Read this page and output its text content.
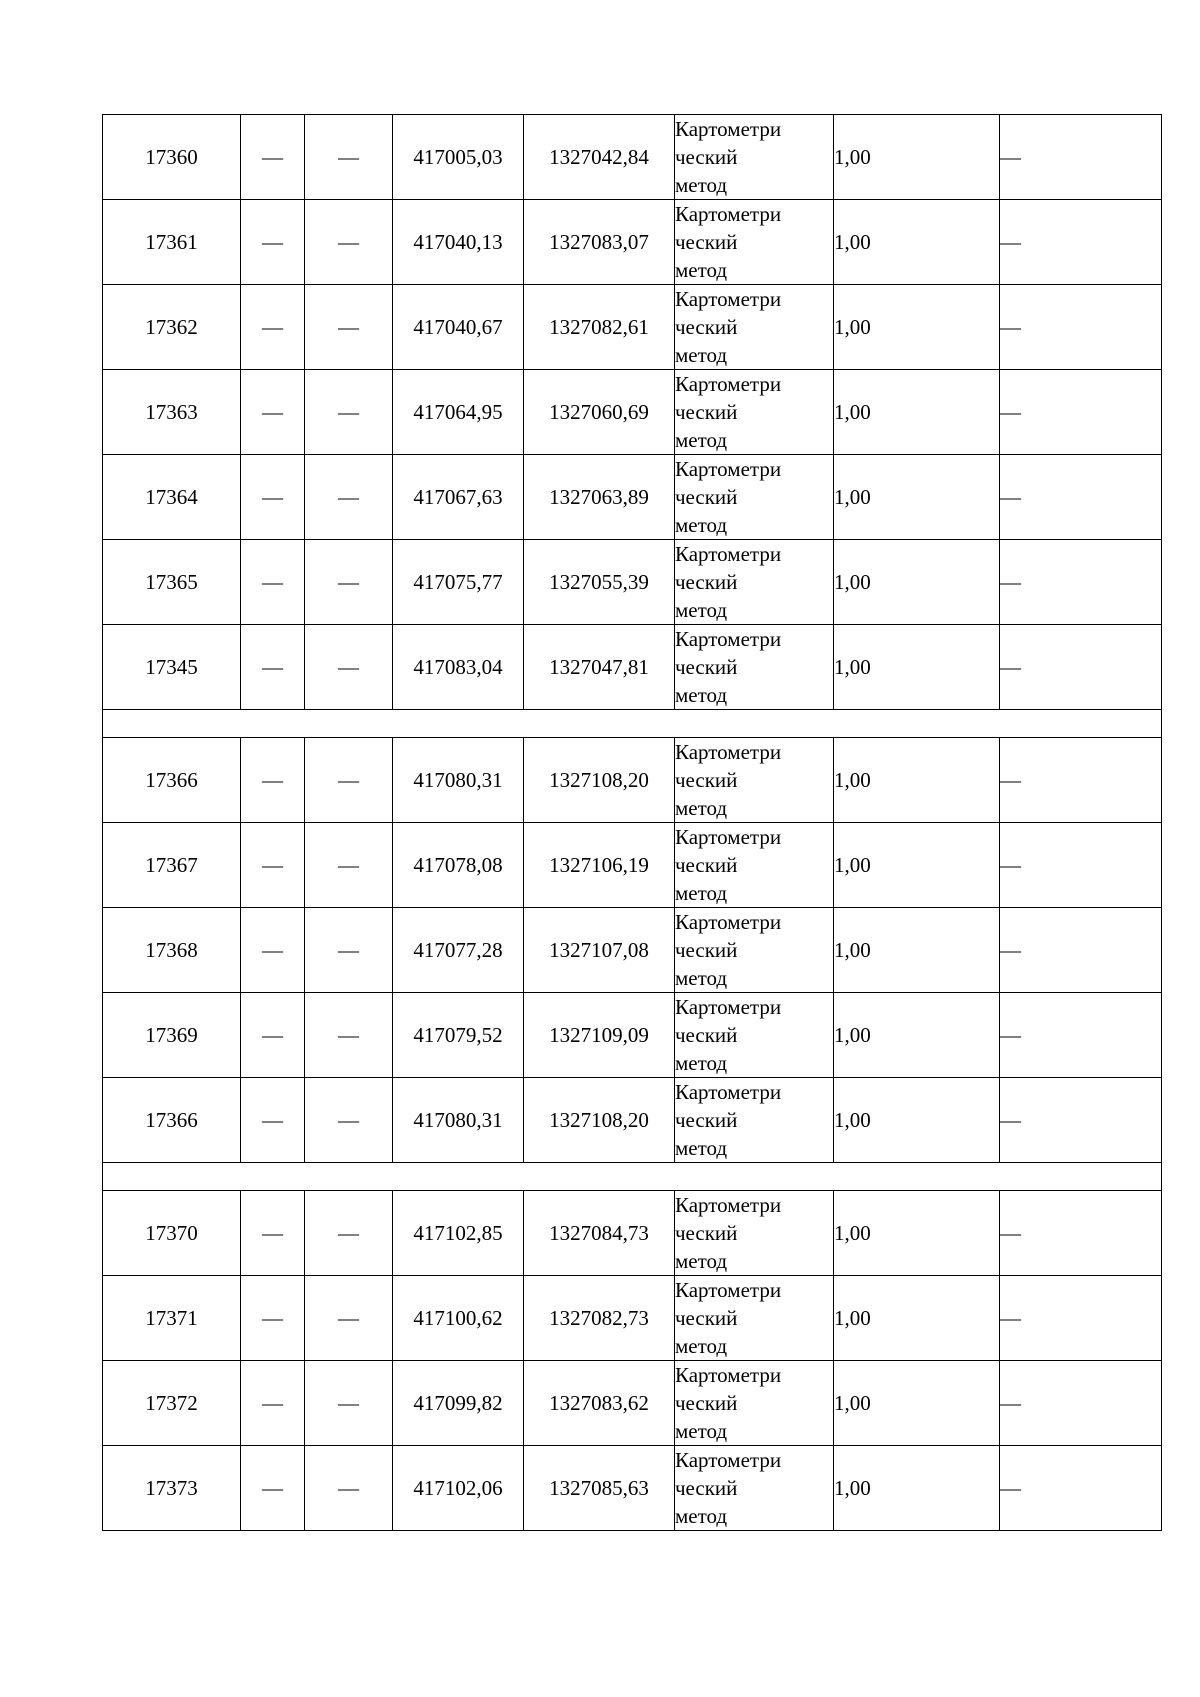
17360	—	—	417005,03	1327042,84	Картометри
ческий
метод	1,00	—
17361	—	—	417040,13	1327083,07	Картометри
ческий
метод	1,00	—
17362	—	—	417040,67	1327082,61	Картометри
ческий
метод	1,00	—
17363	—	—	417064,95	1327060,69	Картометри
ческий
метод	1,00	—
17364	—	—	417067,63	1327063,89	Картометри
ческий
метод	1,00	—
17365	—	—	417075,77	1327055,39	Картометри
ческий
метод	1,00	—
17345	—	—	417083,04	1327047,81	Картометри
ческий
метод	1,00	—

17366	—	—	417080,31	1327108,20	Картометри
ческий
метод	1,00	—
17367	—	—	417078,08	1327106,19	Картометри
ческий
метод	1,00	—
17368	—	—	417077,28	1327107,08	Картометри
ческий
метод	1,00	—
17369	—	—	417079,52	1327109,09	Картометри
ческий
метод	1,00	—
17366	—	—	417080,31	1327108,20	Картометри
ческий
метод	1,00	—

17370	—	—	417102,85	1327084,73	Картометри
ческий
метод	1,00	—
17371	—	—	417100,62	1327082,73	Картометри
ческий
метод	1,00	—
17372	—	—	417099,82	1327083,62	Картометри
ческий
метод	1,00	—
17373	—	—	417102,06	1327085,63	Картометри
ческий
метод	1,00	—
